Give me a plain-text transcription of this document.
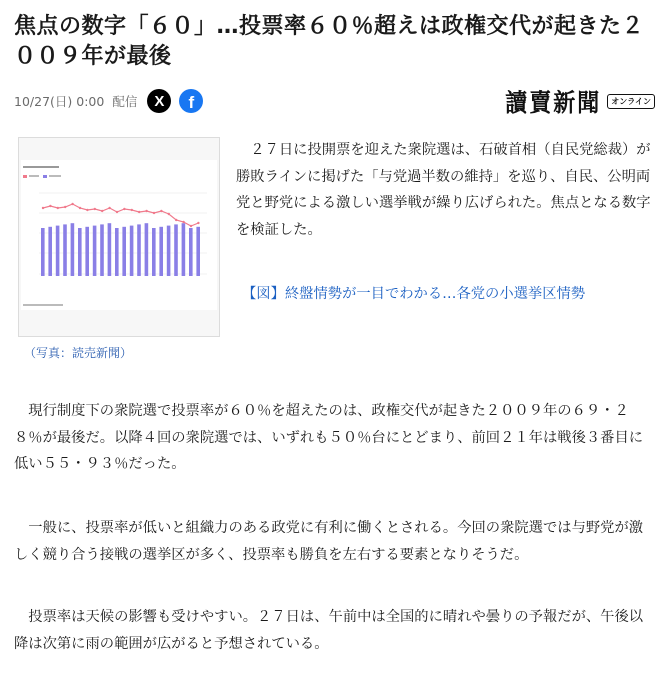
焦点の数字「６０」…投票率６０％超えは政権交代が起きた２００９年が最後
10/27(日) 0:00 配信 X f	讀賣新聞	オンライン
（写真：読売新聞）

２７日に投開票を迎えた衆院選は、石破首相（自民党総裁）が勝敗ラインに掲げた「与党過半数の維持」を巡り、自民、公明両党と野党による激しい選挙戦が繰り広げられた。焦点となる数字を検証した。

【図】終盤情勢が一目でわかる…各党の小選挙区情勢

現行制度下の衆院選で投票率が６０％を超えたのは、政権交代が起きた２００９年の６９・２８％が最後だ。以降４回の衆院選では、いずれも５０％台にとどまり、前回２１年は戦後３番目に低い５５・９３％だった。

一般に、投票率が低いと組織力のある政党に有利に働くとされる。今回の衆院選では与野党が激しく競り合う接戦の選挙区が多く、投票率も勝負を左右する要素となりそうだ。

投票率は天候の影響も受けやすい。２７日は、午前中は全国的に晴れや曇りの予報だが、午後以降は次第に雨の範囲が広がると予想されている。
